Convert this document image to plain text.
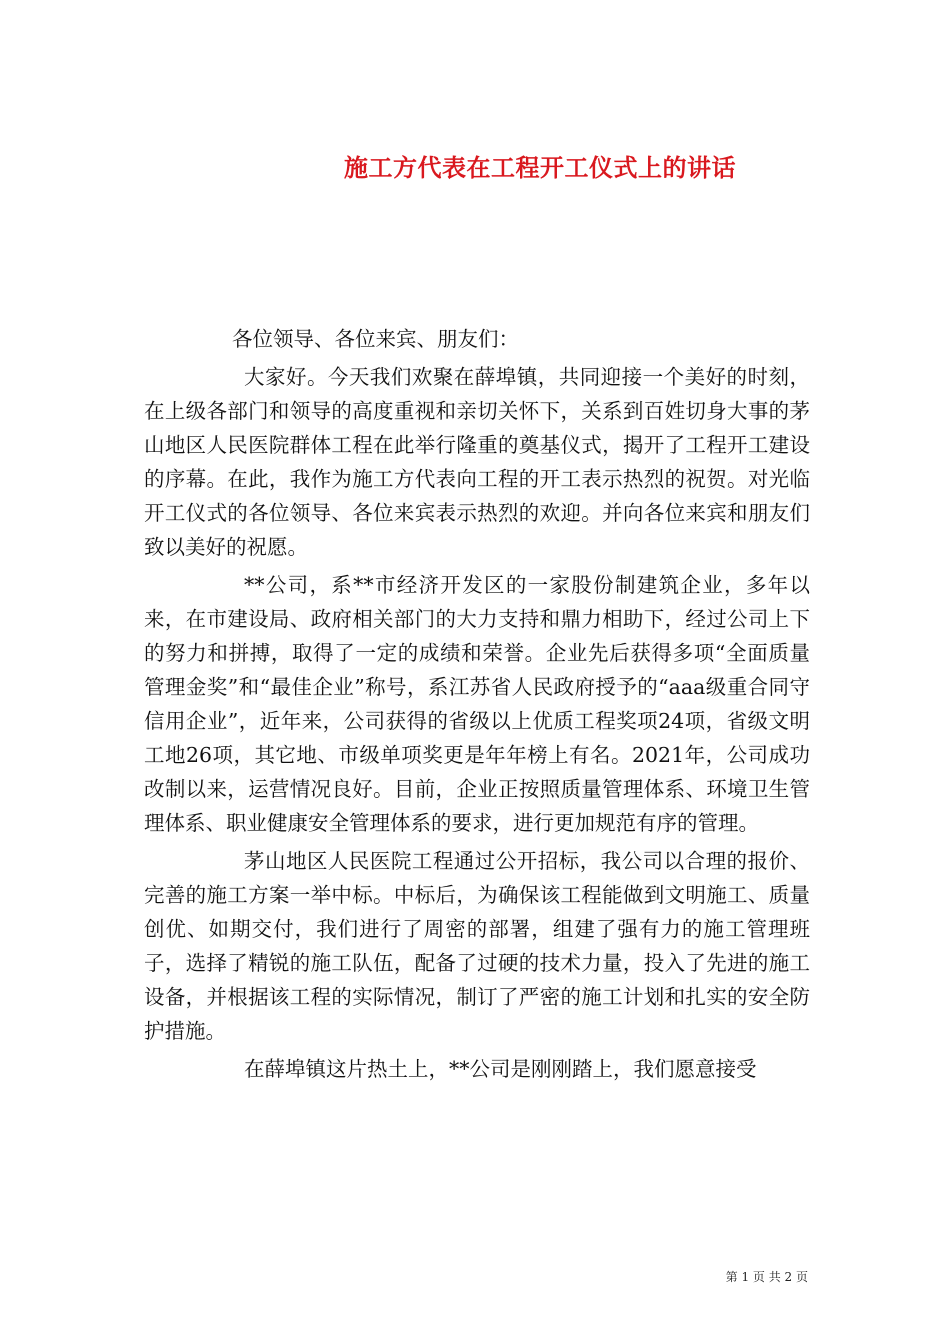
施工方代表在工程开工仪式上的讲话

各位领导、各位来宾、朋友们：

大家好。今天我们欢聚在薛埠镇，共同迎接一个美好的时刻，在上级各部门和领导的高度重视和亲切关怀下，关系到百姓切身大事的茅山地区人民医院群体工程在此举行隆重的奠基仪式，揭开了工程开工建设的序幕。在此，我作为施工方代表向工程的开工表示热烈的祝贺。对光临开工仪式的各位领导、各位来宾表示热烈的欢迎。并向各位来宾和朋友们致以美好的祝愿。

**公司，系**市经济开发区的一家股份制建筑企业，多年以来，在市建设局、政府相关部门的大力支持和鼎力相助下，经过公司上下的努力和拼搏，取得了一定的成绩和荣誉。企业先后获得多项“全面质量管理金奖”和“最佳企业”称号，系江苏省人民政府授予的“aaa级重合同守信用企业”，近年来，公司获得的省级以上优质工程奖项24项，省级文明工地26项，其它地、市级单项奖更是年年榜上有名。2021年，公司成功改制以来，运营情况良好。目前，企业正按照质量管理体系、环境卫生管理体系、职业健康安全管理体系的要求，进行更加规范有序的管理。

茅山地区人民医院工程通过公开招标，我公司以合理的报价、完善的施工方案一举中标。中标后，为确保该工程能做到文明施工、质量创优、如期交付，我们进行了周密的部署，组建了强有力的施工管理班子，选择了精锐的施工队伍，配备了过硬的技术力量，投入了先进的施工设备，并根据该工程的实际情况，制订了严密的施工计划和扎实的安全防护措施。

在薛埠镇这片热土上，**公司是刚刚踏上，我们愿意接受

第 1 页 共 2 页
